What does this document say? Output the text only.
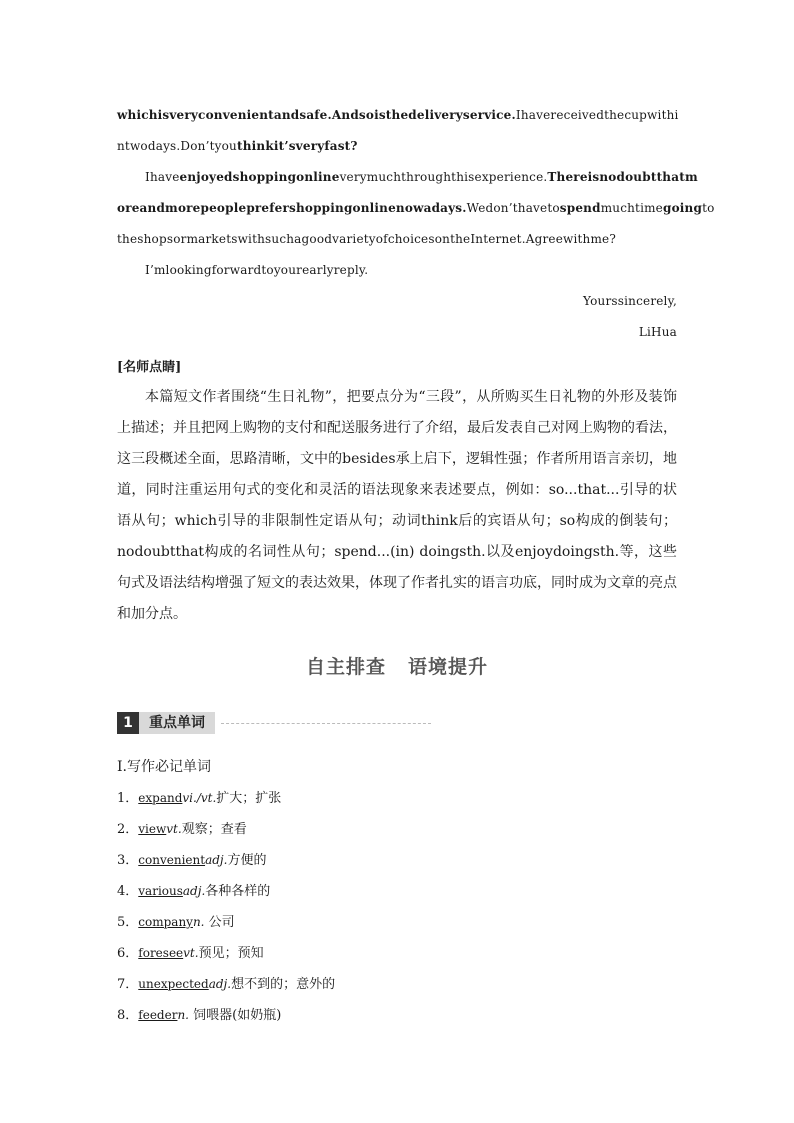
whichisveryconvenientandsafe.Andsoisthedeliveryservice.Ihavereceivedthecupwithi
ntwodays.Don’tyouthinkit’sveryfast?
Ihaveenjoyedshoppingonlineverymuchthroughthisexperience.Thereisnodoubtthatm
oreandmorepeopleprefershoppingonlinenowadays.Wedon’thavetospendmuchtimegoingto
theshopsormarketswithsuchagoodvarietyofchoicesontheInternet.Agreewithme?
I’mlookingforwardtoyourearlyreply.
Yourssincerely,
LiHua
[名师点睛]

本篇短文作者围绕“生日礼物”，把要点分为“三段”，从所购买生日礼物的外形及装饰上描述；并且把网上购物的支付和配送服务进行了介绍，最后发表自己对网上购物的看法，这三段概述全面，思路清晰，文中的besides承上启下，逻辑性强；作者所用语言亲切，地道，同时注重运用句式的变化和灵活的语法现象来表述要点，例如：so...that...引导的状语从句；which引导的非限制性定语从句；动词think后的宾语从句；so构成的倒装句；nodoubtthat构成的名词性从句；spend...(in) doingsth.以及enjoydoingsth.等，这些句式及语法结构增强了短文的表达效果，体现了作者扎实的语言功底，同时成为文章的亮点和加分点。

自主排查 语境提升
1	重点单词
Ⅰ.写作必记单词
1．expandvi./vt.扩大；扩张
2．viewvt.观察；查看
3．convenientadj.方便的
4．variousadj.各种各样的
5．companyn. 公司
6．foreseevt.预见；预知
7．unexpectedadj.想不到的；意外的
8．feedern. 饲喂器(如奶瓶)
